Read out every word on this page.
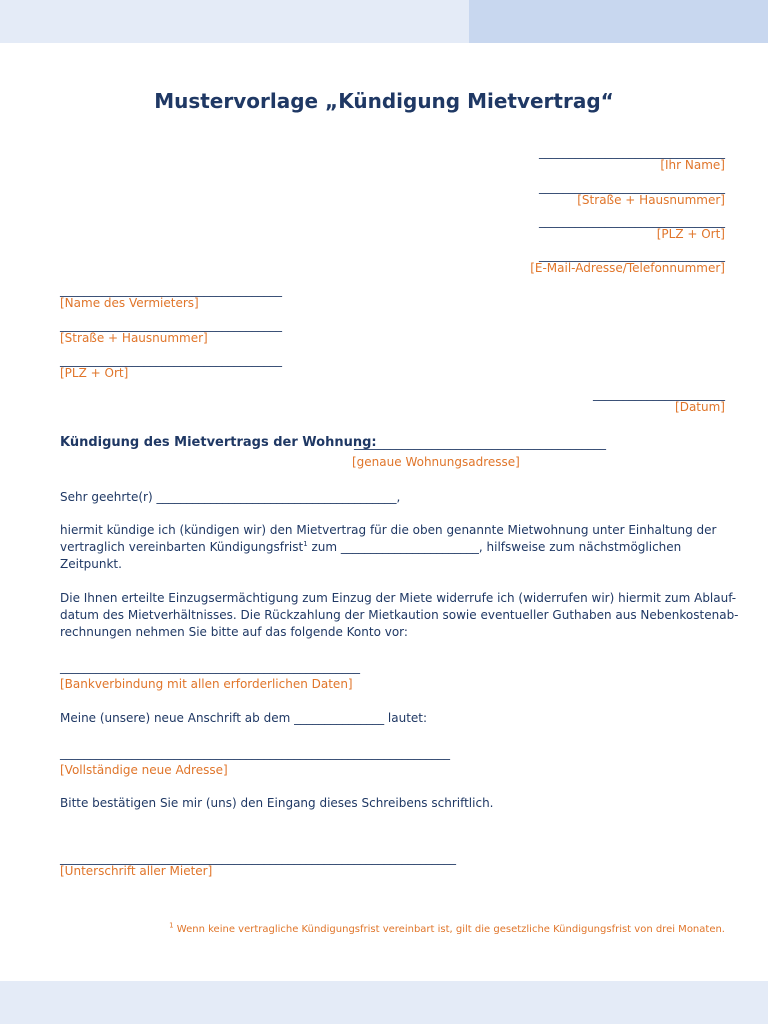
Mustervorlage „Kündigung Mietvertrag“
_______________________________
[Ihr Name]
_______________________________
[Straße + Hausnummer]
_______________________________
[PLZ + Ort]
_______________________________
[E-Mail-Adresse/Telefonnummer]
_____________________________________
[Name des Vermieters]
_____________________________________
[Straße + Hausnummer]
_____________________________________
[PLZ + Ort]
______________________
[Datum]
Kündigung des Mietvertrags der Wohnung:
__________________________________________
[genaue Wohnungsadresse]
Sehr geehrte(r) ________________________________________,
hiermit kündige ich (kündigen wir) den Mietvertrag für die oben genannte Mietwohnung unter Einhaltung der
vertraglich vereinbarten Kündigungsfrist$^1$ zum _______________________, hilfsweise zum nächstmöglichen
Zeitpunkt.
Die Ihnen erteilte Einzugsermächtigung zum Einzug der Miete widerrufe ich (widerrufen wir) hiermit zum Ablauf-
datum des Mietverhältnisses. Die Rückzahlung der Mietkaution sowie eventueller Guthaben aus Nebenkostenab-
rechnungen nehmen Sie bitte auf das folgende Konto vor:
__________________________________________________
[Bankverbindung mit allen erforderlichen Daten]
Meine (unsere) neue Anschrift ab dem _______________ lautet:
_________________________________________________________________
[Vollständige neue Adresse]
Bitte bestätigen Sie mir (uns) den Eingang dieses Schreibens schriftlich.
__________________________________________________________________
[Unterschrift aller Mieter]
$^1$ Wenn keine vertragliche Kündigungsfrist vereinbart ist, gilt die gesetzliche Kündigungsfrist von drei Monaten.
